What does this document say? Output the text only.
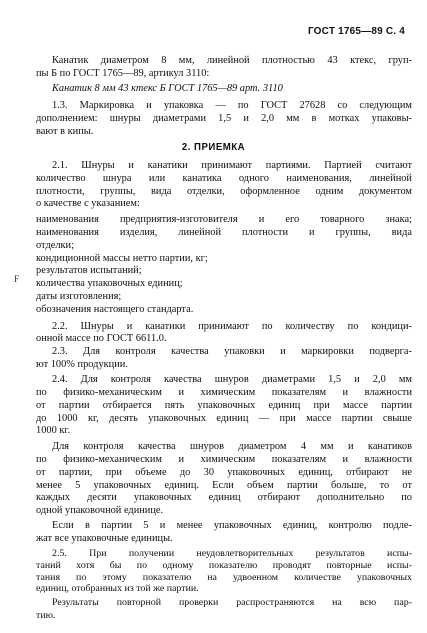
ГОСТ 1765—89 С. 4
Канатик диаметром 8 мм, линейной плотностью 43 ктекс, груп-
пы Б по ГОСТ 1765—89, артикул 3110:
Канатик 8 мм 43 ктекс Б ГОСТ 1765—89 арт. 3110
1.3. Маркировка и упаковка — по ГОСТ 27628 со следующим
дополнением: шнуры диаметрами 1,5 и 2,0 мм в мотках упаковы-
вают в кипы.
2. ПРИЕМКА
2.1. Шнуры и канатики принимают партиями. Партией считают
количество шнура или канатика одного наименования, линейной
плотности, группы, вида отделки, оформленное одним документом
о качестве с указанием:
наименования предприятия-изготовителя и его товарного знака;
наименования изделия, линейной плотности и группы, вида
отделки;
кондиционной массы нетто партии, кг;
результатов испытаний;
F количества упаковочных единиц;
даты изготовления;
обозначения настоящего стандарта.
2.2. Шнуры и канатики принимают по количеству по кондици-
онной массе по ГОСТ 6611.0.
2.3. Для контроля качества упаковки и маркировки подвергa-
ют 100% продукции.
2.4. Для контроля качества шнуров диаметрами 1,5 и 2,0 мм
по физико-механическим и химическим показателям и влажности
от партии отбирается пять упаковочных единиц при массе партии
до 1000 кг, десять упаковочных единиц — при массе партии свыше
1000 кг.
Для контроля качества шнуров диаметром 4 мм и канатиков
по физико-механическим и химическим показателям и влажности
от партии, при объеме до 30 упаковочных единиц, отбирают не
менее 5 упаковочных единиц. Если объем партии больше, то от
каждых десяти упаковочных единиц отбирают дополнительно по
одной упаковочной единице.
Если в партии 5 и менее упаковочных единиц, контролю подле-
жат все упаковочные единицы.
2.5. При получении неудовлетворительных результатов испы-
таний хотя бы по одному показателю проводят повторные испы-
тания по этому показателю на удвоенном количестве упаковочных
единиц, отобранных из той же партии.
Результаты повторной проверки распространяются на всю пар-
тию.
